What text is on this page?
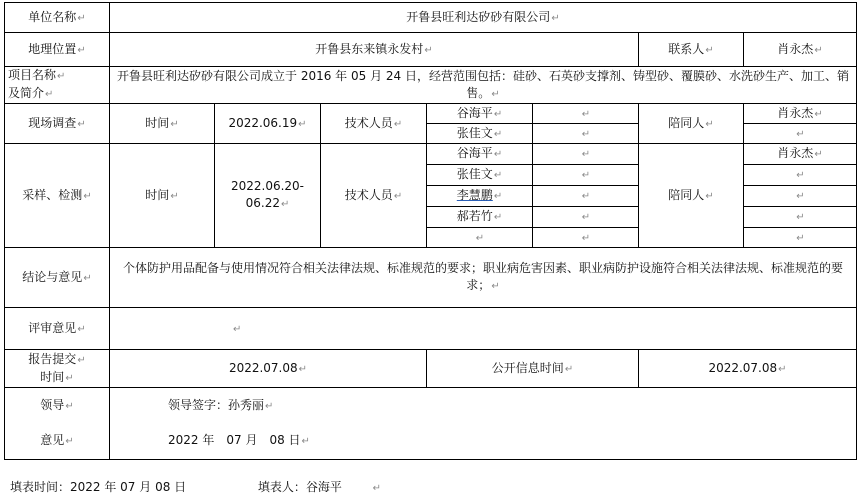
单位名称↵	开鲁县旺利达矽砂有限公司↵						
地理位置↵	开鲁县东来镇永发村↵					联系人↵	肖永杰↵
项目名称↵
及简介↵	开鲁县旺利达矽砂有限公司成立于 2016 年 05 月 24 日，经营范围包括：硅砂、石英砂支撑剂、铸型砂、覆膜砂、水洗砂生产、加工、销售。↵						
现场调查↵	时间↵	2022.06.19↵	技术人员↵	谷海平↵	↵	陪同人↵	肖永杰↵
				张佳文↵	↵		↵
采样、检测↵	时间↵	2022.06.20-06.22↵	技术人员↵	谷海平↵	↵	陪同人↵	肖永杰↵
				张佳文↵	↵		↵
				李慧鹏↵	↵		↵
				郝若竹↵	↵		↵
				↵	↵		↵
结论与意见↵	个体防护用品配备与使用情况符合相关法律法规、标准规范的要求；职业病危害因素、职业病防护设施符合相关法律法规、标准规范的要求；↵						
评审意见↵	↵						
报告提交↵
时间↵	2022.07.08↵			公开信息时间↵		2022.07.08↵	
领导↵

意见↵	领导签字：孙秀丽↵

2022 年　07 月　08 日↵						
填表时间：2022 年 07 月 08 日	填表人：谷海平	↵
